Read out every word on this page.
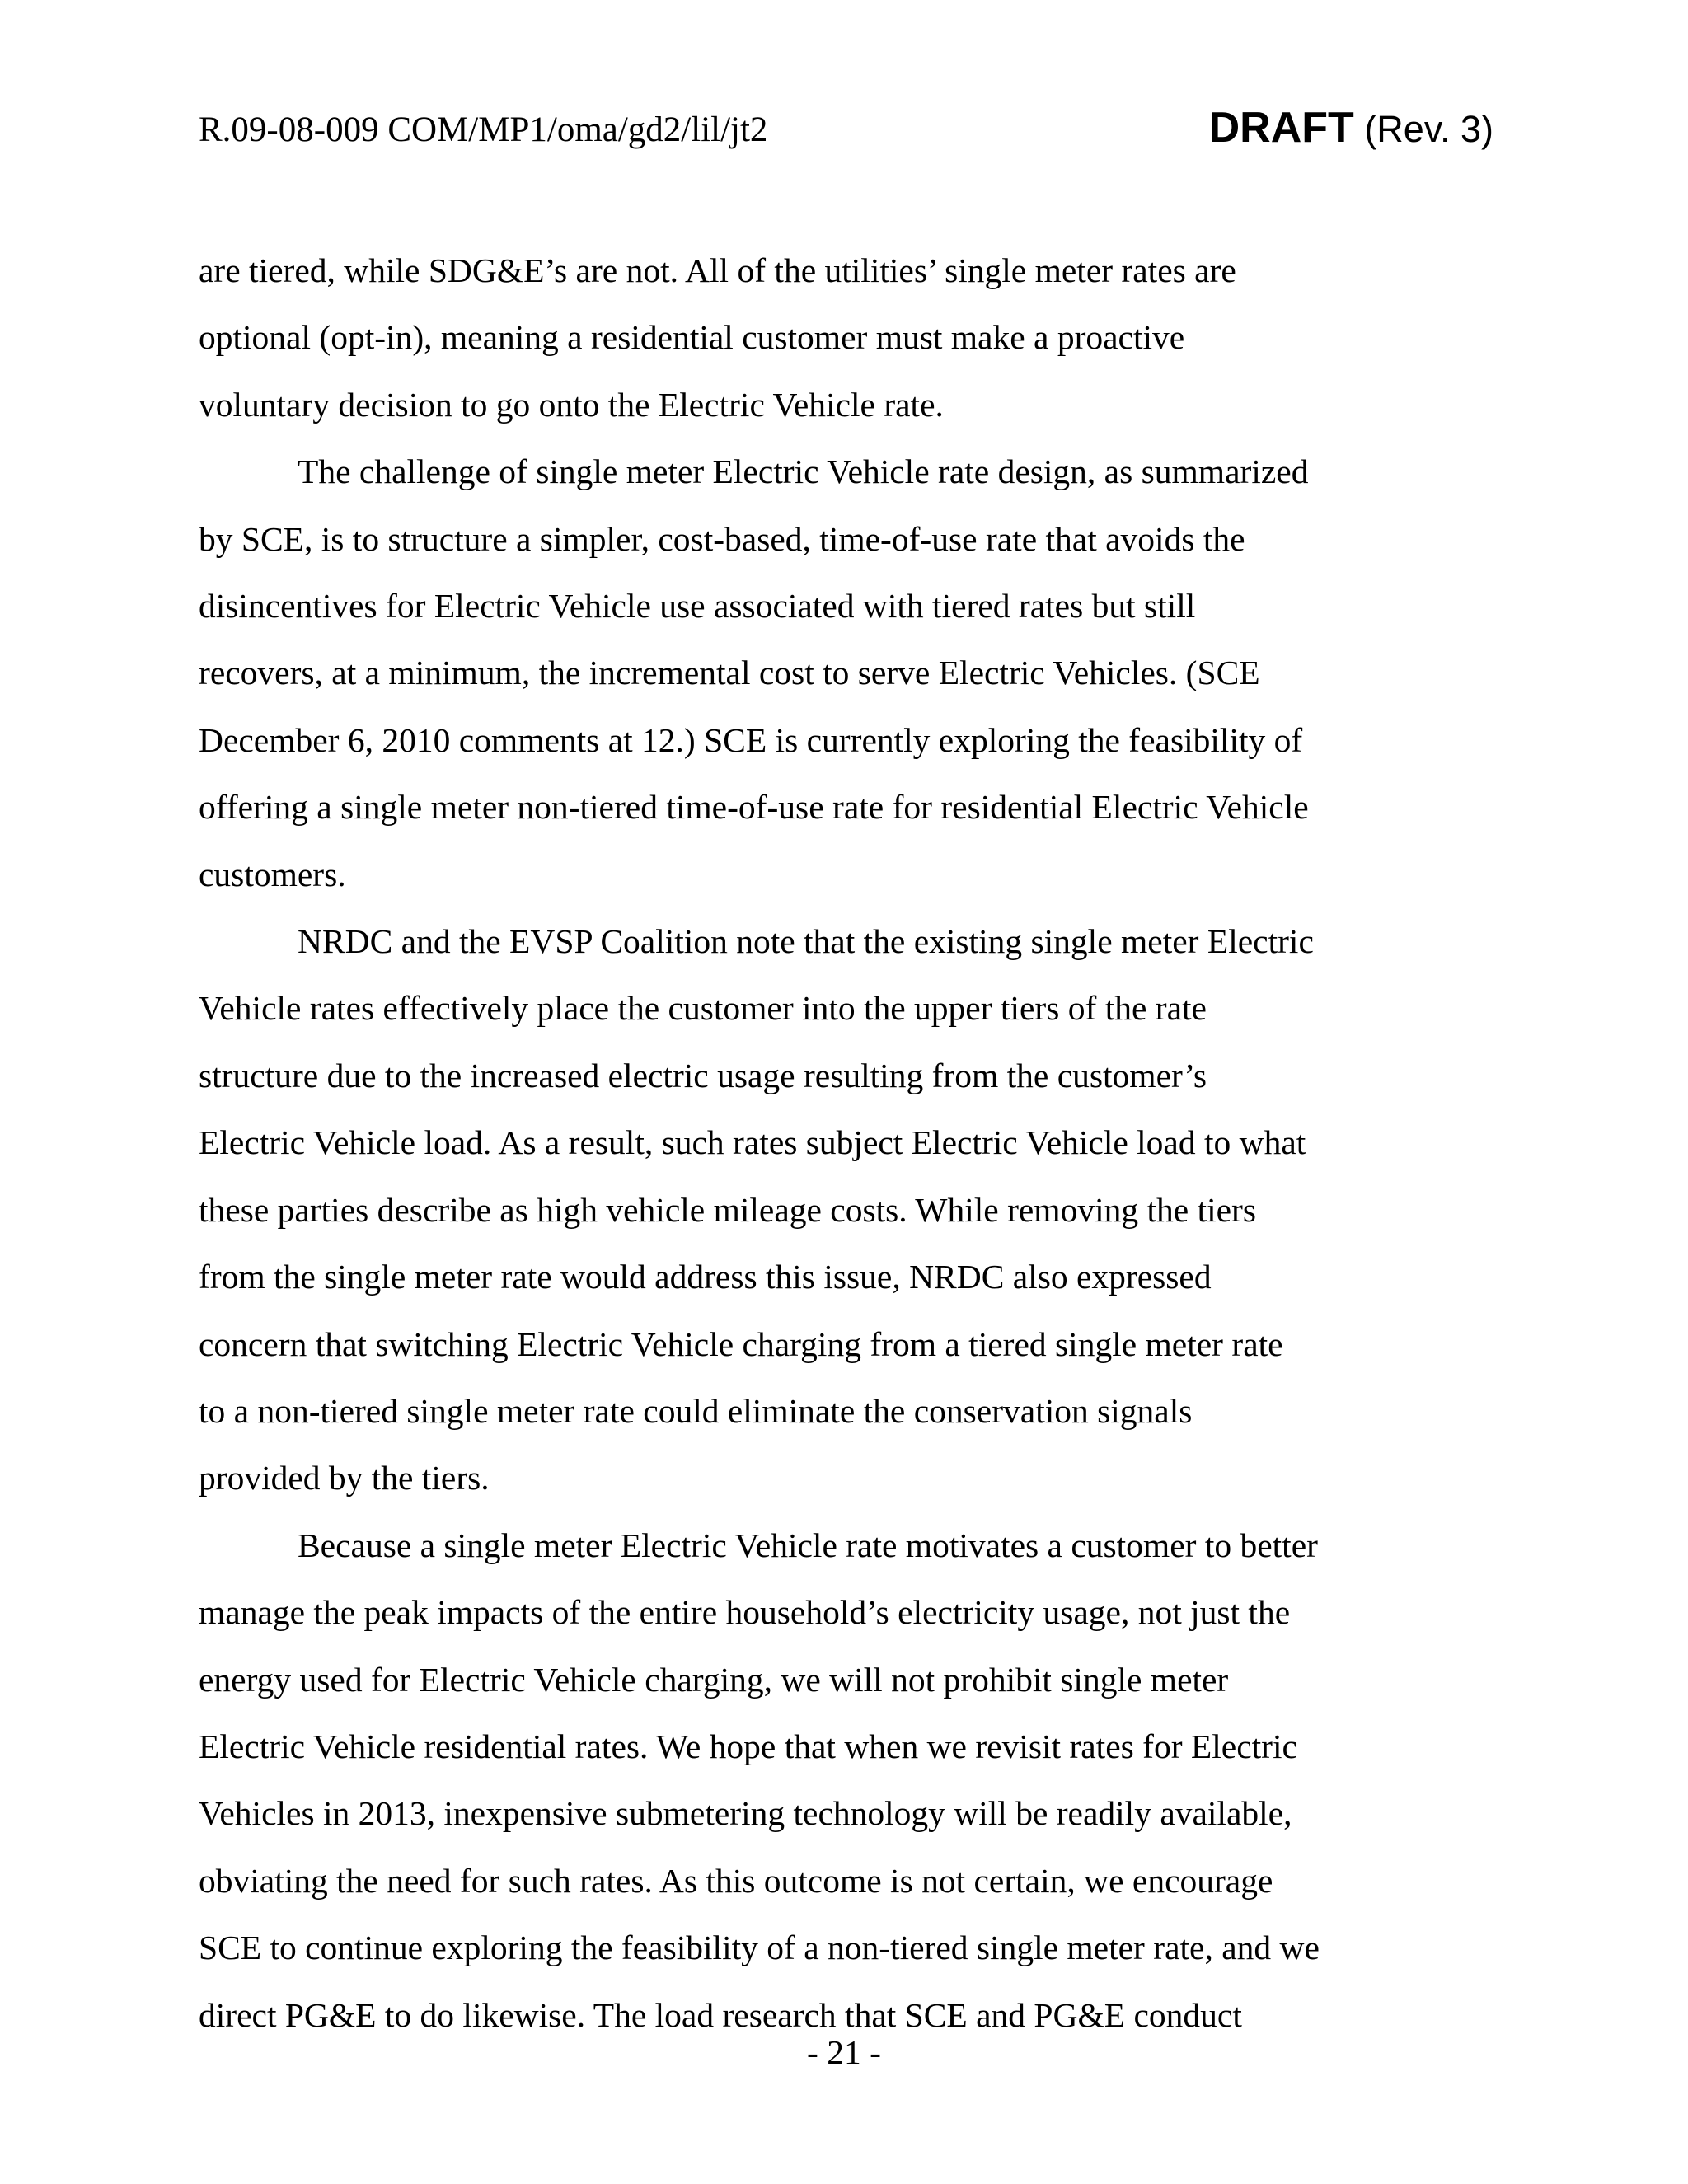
R.09-08-009 COM/MP1/oma/gd2/lil/jt2	DRAFT (Rev. 3)

are tiered, while SDG&E’s are not. All of the utilities’ single meter rates are
optional (opt-in), meaning a residential customer must make a proactive
voluntary decision to go onto the Electric Vehicle rate.

The challenge of single meter Electric Vehicle rate design, as summarized
by SCE, is to structure a simpler, cost-based, time-of-use rate that avoids the
disincentives for Electric Vehicle use associated with tiered rates but still
recovers, at a minimum, the incremental cost to serve Electric Vehicles. (SCE
December 6, 2010 comments at 12.) SCE is currently exploring the feasibility of
offering a single meter non-tiered time-of-use rate for residential Electric Vehicle
customers.

NRDC and the EVSP Coalition note that the existing single meter Electric
Vehicle rates effectively place the customer into the upper tiers of the rate
structure due to the increased electric usage resulting from the customer’s
Electric Vehicle load. As a result, such rates subject Electric Vehicle load to what
these parties describe as high vehicle mileage costs. While removing the tiers
from the single meter rate would address this issue, NRDC also expressed
concern that switching Electric Vehicle charging from a tiered single meter rate
to a non-tiered single meter rate could eliminate the conservation signals
provided by the tiers.

Because a single meter Electric Vehicle rate motivates a customer to better
manage the peak impacts of the entire household’s electricity usage, not just the
energy used for Electric Vehicle charging, we will not prohibit single meter
Electric Vehicle residential rates. We hope that when we revisit rates for Electric
Vehicles in 2013, inexpensive submetering technology will be readily available,
obviating the need for such rates. As this outcome is not certain, we encourage
SCE to continue exploring the feasibility of a non-tiered single meter rate, and we
direct PG&E to do likewise. The load research that SCE and PG&E conduct

- 21 -
